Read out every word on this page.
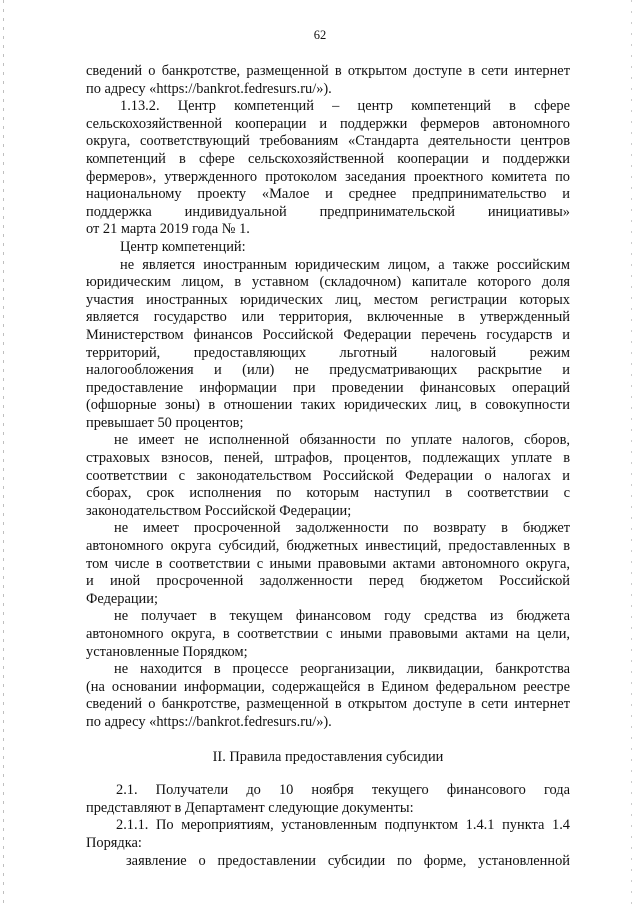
62
сведений о банкротстве, размещенной в открытом доступе в сети интернет
по адресу «https://bankrot.fedresurs.ru/»).
1.13.2. Центр компетенций – центр компетенций в сфере
сельскохозяйственной кооперации и поддержки фермеров автономного
округа, соответствующий требованиям «Стандарта деятельности центров
компетенций в сфере сельскохозяйственной кооперации и поддержки
фермеров», утвержденного протоколом заседания проектного комитета по
национальному проекту «Малое и среднее предпринимательство и
поддержка индивидуальной предпринимательской инициативы»
от 21 марта 2019 года № 1.
Центр компетенций:
не является иностранным юридическим лицом, а также российским
юридическим лицом, в уставном (складочном) капитале которого доля
участия иностранных юридических лиц, местом регистрации которых
является государство или территория, включенные в утвержденный
Министерством финансов Российской Федерации перечень государств и
территорий, предоставляющих льготный налоговый режим
налогообложения и (или) не предусматривающих раскрытие и
предоставление информации при проведении финансовых операций
(офшорные зоны) в отношении таких юридических лиц, в совокупности
превышает 50 процентов;
не имеет не исполненной обязанности по уплате налогов, сборов,
страховых взносов, пеней, штрафов, процентов, подлежащих уплате в
соответствии с законодательством Российской Федерации о налогах и
сборах, срок исполнения по которым наступил в соответствии с
законодательством Российской Федерации;
не имеет просроченной задолженности по возврату в бюджет
автономного округа субсидий, бюджетных инвестиций, предоставленных в
том числе в соответствии с иными правовыми актами автономного округа,
и иной просроченной задолженности перед бюджетом Российской
Федерации;
не получает в текущем финансовом году средства из бюджета
автономного округа, в соответствии с иными правовыми актами на цели,
установленные Порядком;
не находится в процессе реорганизации, ликвидации, банкротства
(на основании информации, содержащейся в Едином федеральном реестре
сведений о банкротстве, размещенной в открытом доступе в сети интернет
по адресу «https://bankrot.fedresurs.ru/»).
II. Правила предоставления субсидии
2.1. Получатели до 10 ноября текущего финансового года
представляют в Департамент следующие документы:
2.1.1. По мероприятиям, установленным подпунктом 1.4.1 пункта 1.4
Порядка:
заявление о предоставлении субсидии по форме, установленной
